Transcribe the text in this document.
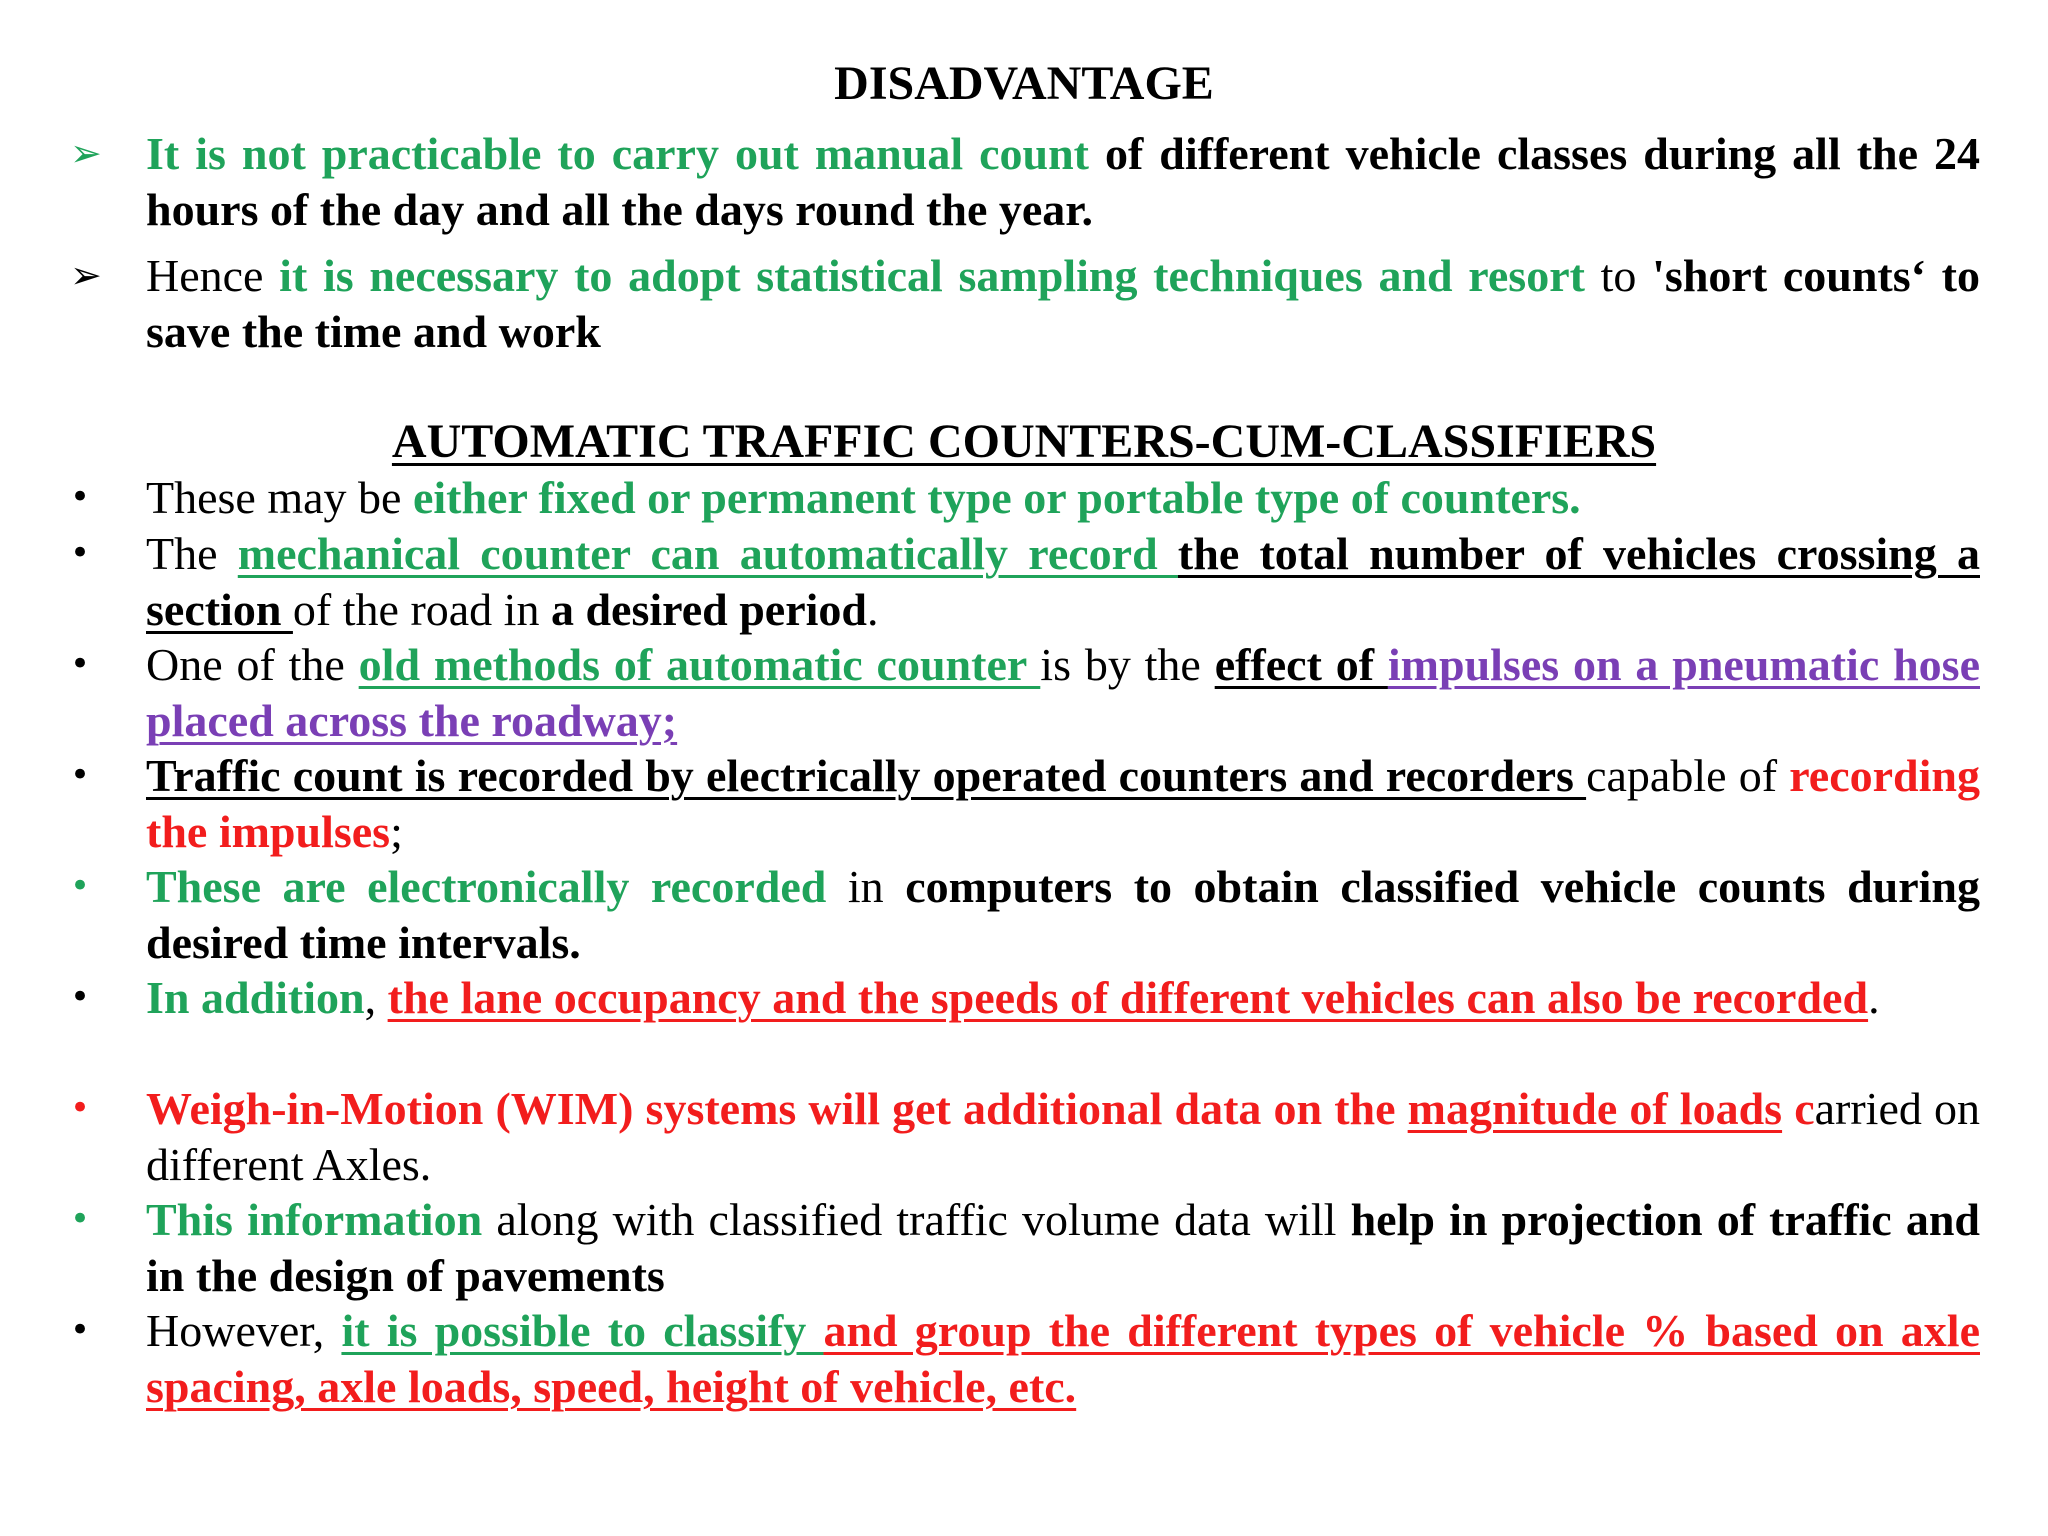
DISADVANTAGE
➢ It is not practicable to carry out manual count of different vehicle classes during all the 24 hours of the day and all the days round the year.
➢ Hence it is necessary to adopt statistical sampling techniques and resort to 'short counts‘ to save the time and work
AUTOMATIC TRAFFIC COUNTERS-CUM-CLASSIFIERS
• These may be either fixed or permanent type or portable type of counters.
• The mechanical counter can automatically record the total number of vehicles crossing a section of the road in a desired period.
• One of the old methods of automatic counter is by the effect of impulses on a pneumatic hose placed across the roadway;
• Traffic count is recorded by electrically operated counters and recorders capable of recording the impulses;
• These are electronically recorded in computers to obtain classified vehicle counts during desired time intervals.
• In addition, the lane occupancy and the speeds of different vehicles can also be recorded.
• Weigh-in-Motion (WIM) systems will get additional data on the magnitude of loads carried on different Axles.
• This information along with classified traffic volume data will help in projection of traffic and in the design of pavements
• However, it is possible to classify and group the different types of vehicle % based on axle spacing, axle loads, speed, height of vehicle, etc.
